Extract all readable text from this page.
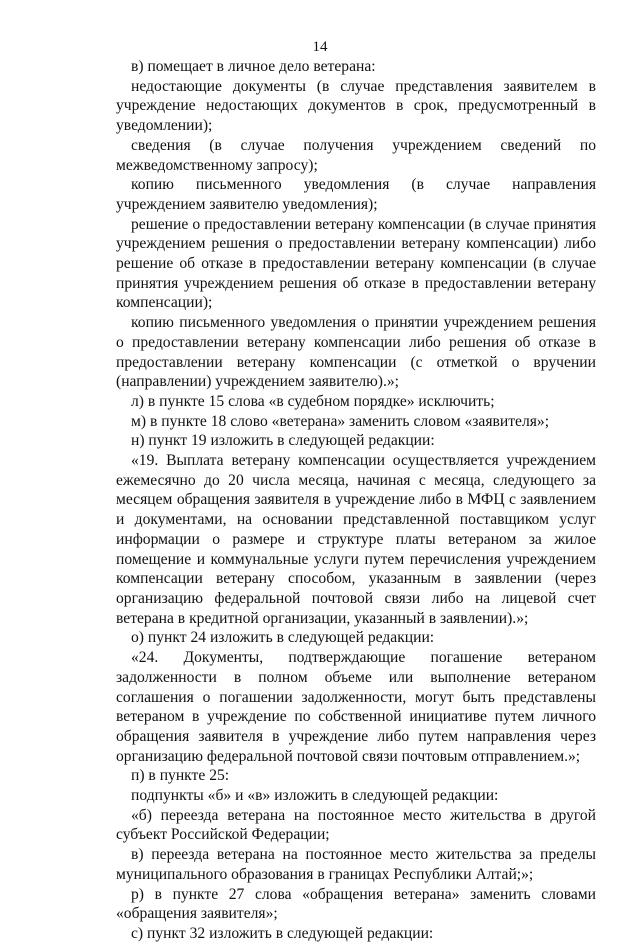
14

в) помещает в личное дело ветерана:

недостающие документы (в случае представления заявителем в учреждение недостающих документов в срок, предусмотренный в уведомлении);

сведения (в случае получения учреждением сведений по межведомственному запросу);

копию письменного уведомления (в случае направления учреждением заявителю уведомления);

решение о предоставлении ветерану компенсации (в случае принятия учреждением решения о предоставлении ветерану компенсации) либо решение об отказе в предоставлении ветерану компенсации (в случае принятия учреждением решения об отказе в предоставлении ветерану компенсации);

копию письменного уведомления о принятии учреждением решения о предоставлении ветерану компенсации либо решения об отказе в предоставлении ветерану компенсации (с отметкой о вручении (направлении) учреждением заявителю).»;

л) в пункте 15 слова «в судебном порядке» исключить;

м) в пункте 18 слово «ветерана» заменить словом «заявителя»;

н) пункт 19 изложить в следующей редакции:

«19. Выплата ветерану компенсации осуществляется учреждением ежемесячно до 20 числа месяца, начиная с месяца, следующего за месяцем обращения заявителя в учреждение либо в МФЦ с заявлением и документами, на основании представленной поставщиком услуг информации о размере и структуре платы ветераном за жилое помещение и коммунальные услуги путем перечисления учреждением компенсации ветерану способом, указанным в заявлении (через организацию федеральной почтовой связи либо на лицевой счет ветерана в кредитной организации, указанный в заявлении).»;

о) пункт 24 изложить в следующей редакции:

«24. Документы, подтверждающие погашение ветераном задолженности в полном объеме или выполнение ветераном соглашения о погашении задолженности, могут быть представлены ветераном в учреждение по собственной инициативе путем личного обращения заявителя в учреждение либо путем направления через организацию федеральной почтовой связи почтовым отправлением.»;

п) в пункте 25:

подпункты «б» и «в» изложить в следующей редакции:

«б) переезда ветерана на постоянное место жительства в другой субъект Российской Федерации;

в) переезда ветерана на постоянное место жительства за пределы муниципального образования в границах Республики Алтай;»;

р) в пункте 27 слова «обращения ветерана» заменить словами «обращения заявителя»;

с) пункт 32 изложить в следующей редакции:
